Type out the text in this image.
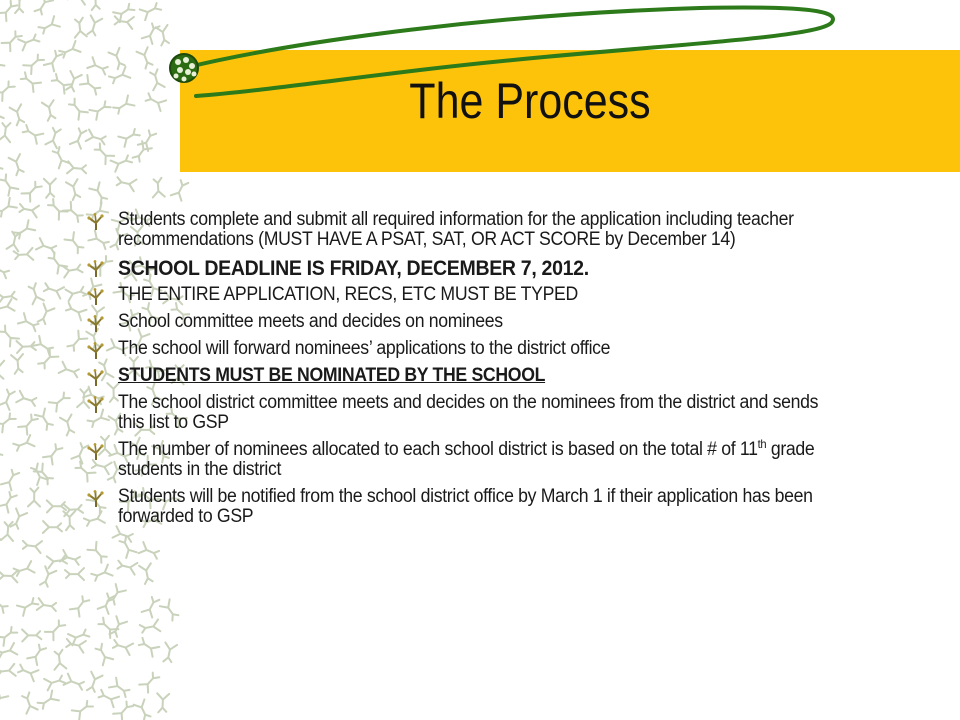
The Process
Students complete and submit all required information for the application including teacher recommendations (MUST HAVE A PSAT, SAT, OR ACT SCORE by December 14)
SCHOOL DEADLINE IS FRIDAY, DECEMBER 7, 2012.
THE ENTIRE APPLICATION, RECS, ETC MUST BE TYPED
School committee meets and decides on nominees
The school will forward nominees’ applications to the district office
STUDENTS MUST BE NOMINATED BY THE SCHOOL
The school district committee meets and decides on the nominees from the district and sends this list to GSP
The number of nominees allocated to each school district is based on the total # of 11th grade students in the district
Students will be notified from the school district office by March 1 if their application has been forwarded to GSP
